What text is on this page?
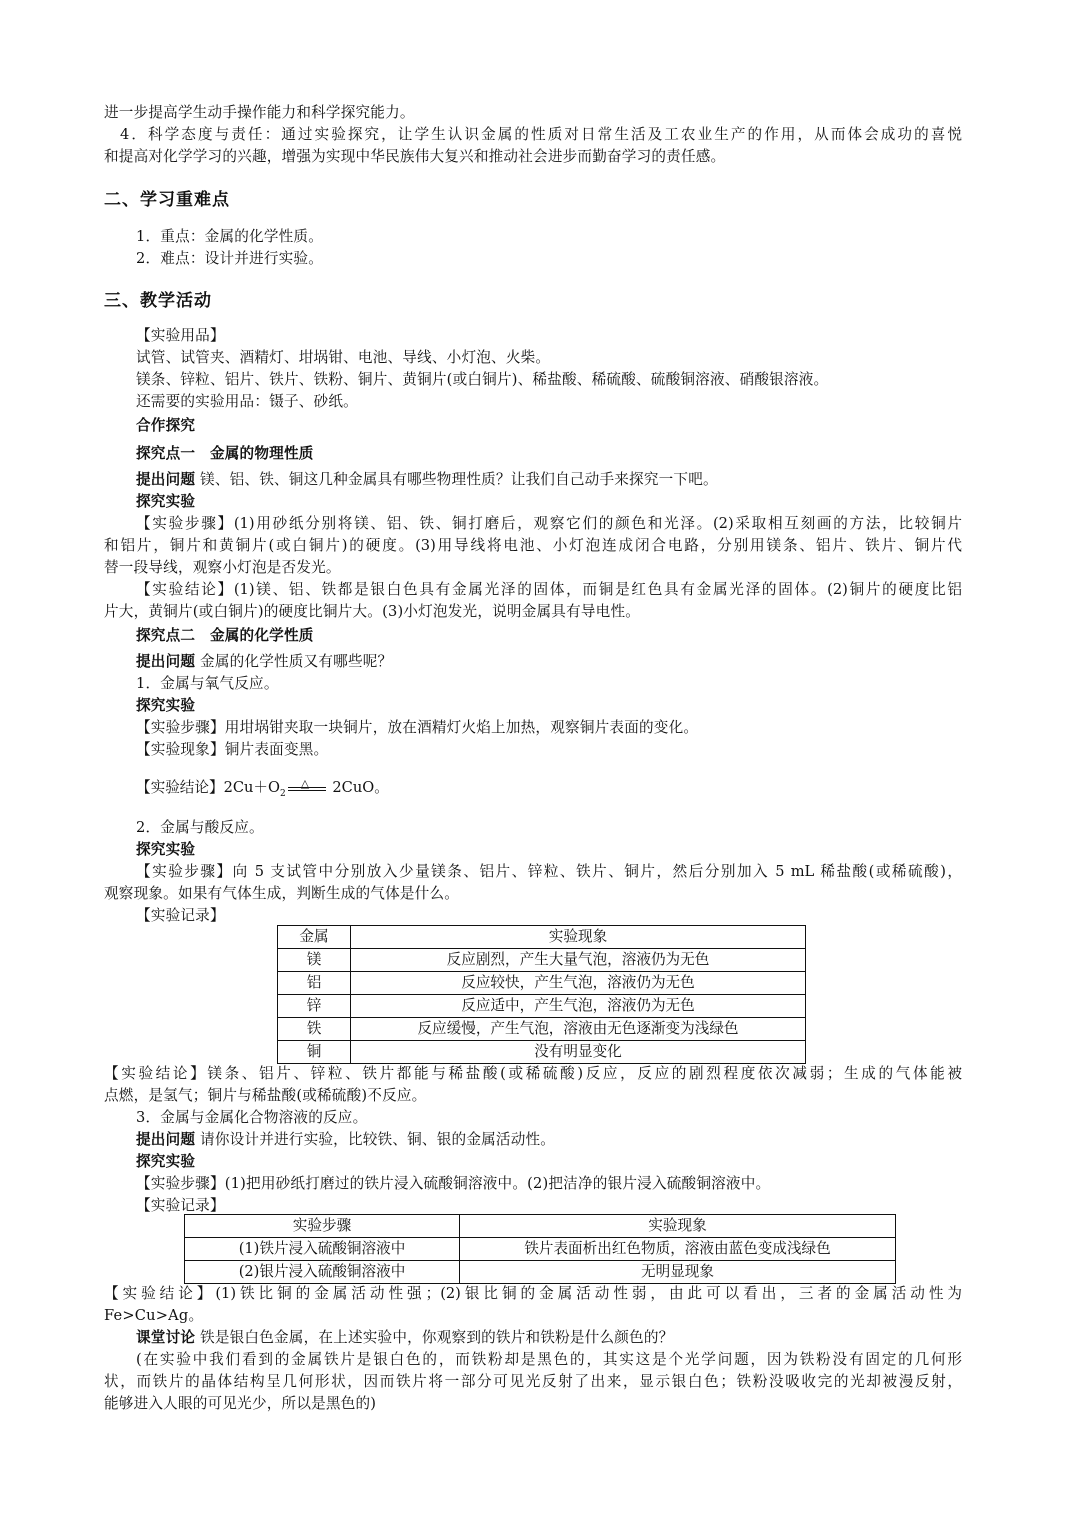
进一步提高学生动手操作能力和科学探究能力。
4．科学态度与责任：通过实验探究，让学生认识金属的性质对日常生活及工农业生产的作用，从而体会成功的喜悦
和提高对化学学习的兴趣，增强为实现中华民族伟大复兴和推动社会进步而勤奋学习的责任感。
二、学习重难点
1．重点：金属的化学性质。
2．难点：设计并进行实验。
三、教学活动
【实验用品】
试管、试管夹、酒精灯、坩埚钳、电池、导线、小灯泡、火柴。
镁条、锌粒、铝片、铁片、铁粉、铜片、黄铜片(或白铜片)、稀盐酸、稀硫酸、硫酸铜溶液、硝酸银溶液。
还需要的实验用品：镊子、砂纸。
合作探究
探究点一　金属的物理性质
提出问题 镁、铝、铁、铜这几种金属具有哪些物理性质？让我们自己动手来探究一下吧。
探究实验
【实验步骤】(1)用砂纸分别将镁、铝、铁、铜打磨后，观察它们的颜色和光泽。(2)采取相互刻画的方法，比较铜片
和铝片，铜片和黄铜片(或白铜片)的硬度。(3)用导线将电池、小灯泡连成闭合电路，分别用镁条、铝片、铁片、铜片代
替一段导线，观察小灯泡是否发光。
【实验结论】(1)镁、铝、铁都是银白色具有金属光泽的固体，而铜是红色具有金属光泽的固体。(2)铜片的硬度比铝
片大，黄铜片(或白铜片)的硬度比铜片大。(3)小灯泡发光，说明金属具有导电性。
探究点二　金属的化学性质
提出问题 金属的化学性质又有哪些呢？
1．金属与氧气反应。
探究实验
【实验步骤】用坩埚钳夹取一块铜片，放在酒精灯火焰上加热，观察铜片表面的变化。
【实验现象】铜片表面变黑。
【实验结论】$2Cu+O_2$
△ 2CuO。
2．金属与酸反应。
探究实验
【实验步骤】向 5 支试管中分别放入少量镁条、铝片、锌粒、铁片、铜片，然后分别加入 5 mL 稀盐酸(或稀硫酸)，
观察现象。如果有气体生成，判断生成的气体是什么。
【实验记录】
金属	实验现象
镁	反应剧烈，产生大量气泡，溶液仍为无色
铝	反应较快，产生气泡，溶液仍为无色
锌	反应适中，产生气泡，溶液仍为无色
铁	反应缓慢，产生气泡，溶液由无色逐渐变为浅绿色
铜	没有明显变化
【实验结论】镁条、铝片、锌粒、铁片都能与稀盐酸(或稀硫酸)反应，反应的剧烈程度依次减弱；生成的气体能被
点燃，是氢气；铜片与稀盐酸(或稀硫酸)不反应。
3．金属与金属化合物溶液的反应。
提出问题 请你设计并进行实验，比较铁、铜、银的金属活动性。
探究实验
【实验步骤】(1)把用砂纸打磨过的铁片浸入硫酸铜溶液中。(2)把洁净的银片浸入硫酸铜溶液中。
【实验记录】
实验步骤	实验现象
(1)铁片浸入硫酸铜溶液中	铁片表面析出红色物质，溶液由蓝色变成浅绿色
(2)银片浸入硫酸铜溶液中	无明显现象
【实验结论】(1)铁比铜的金属活动性强；(2)银比铜的金属活动性弱，由此可以看出，三者的金属活动性为
Fe>Cu>Ag。
课堂讨论 铁是银白色金属，在上述实验中，你观察到的铁片和铁粉是什么颜色的？
(在实验中我们看到的金属铁片是银白色的，而铁粉却是黑色的，其实这是个光学问题，因为铁粉没有固定的几何形
状，而铁片的晶体结构呈几何形状，因而铁片将一部分可见光反射了出来，显示银白色；铁粉没吸收完的光却被漫反射，
能够进入人眼的可见光少，所以是黑色的)
